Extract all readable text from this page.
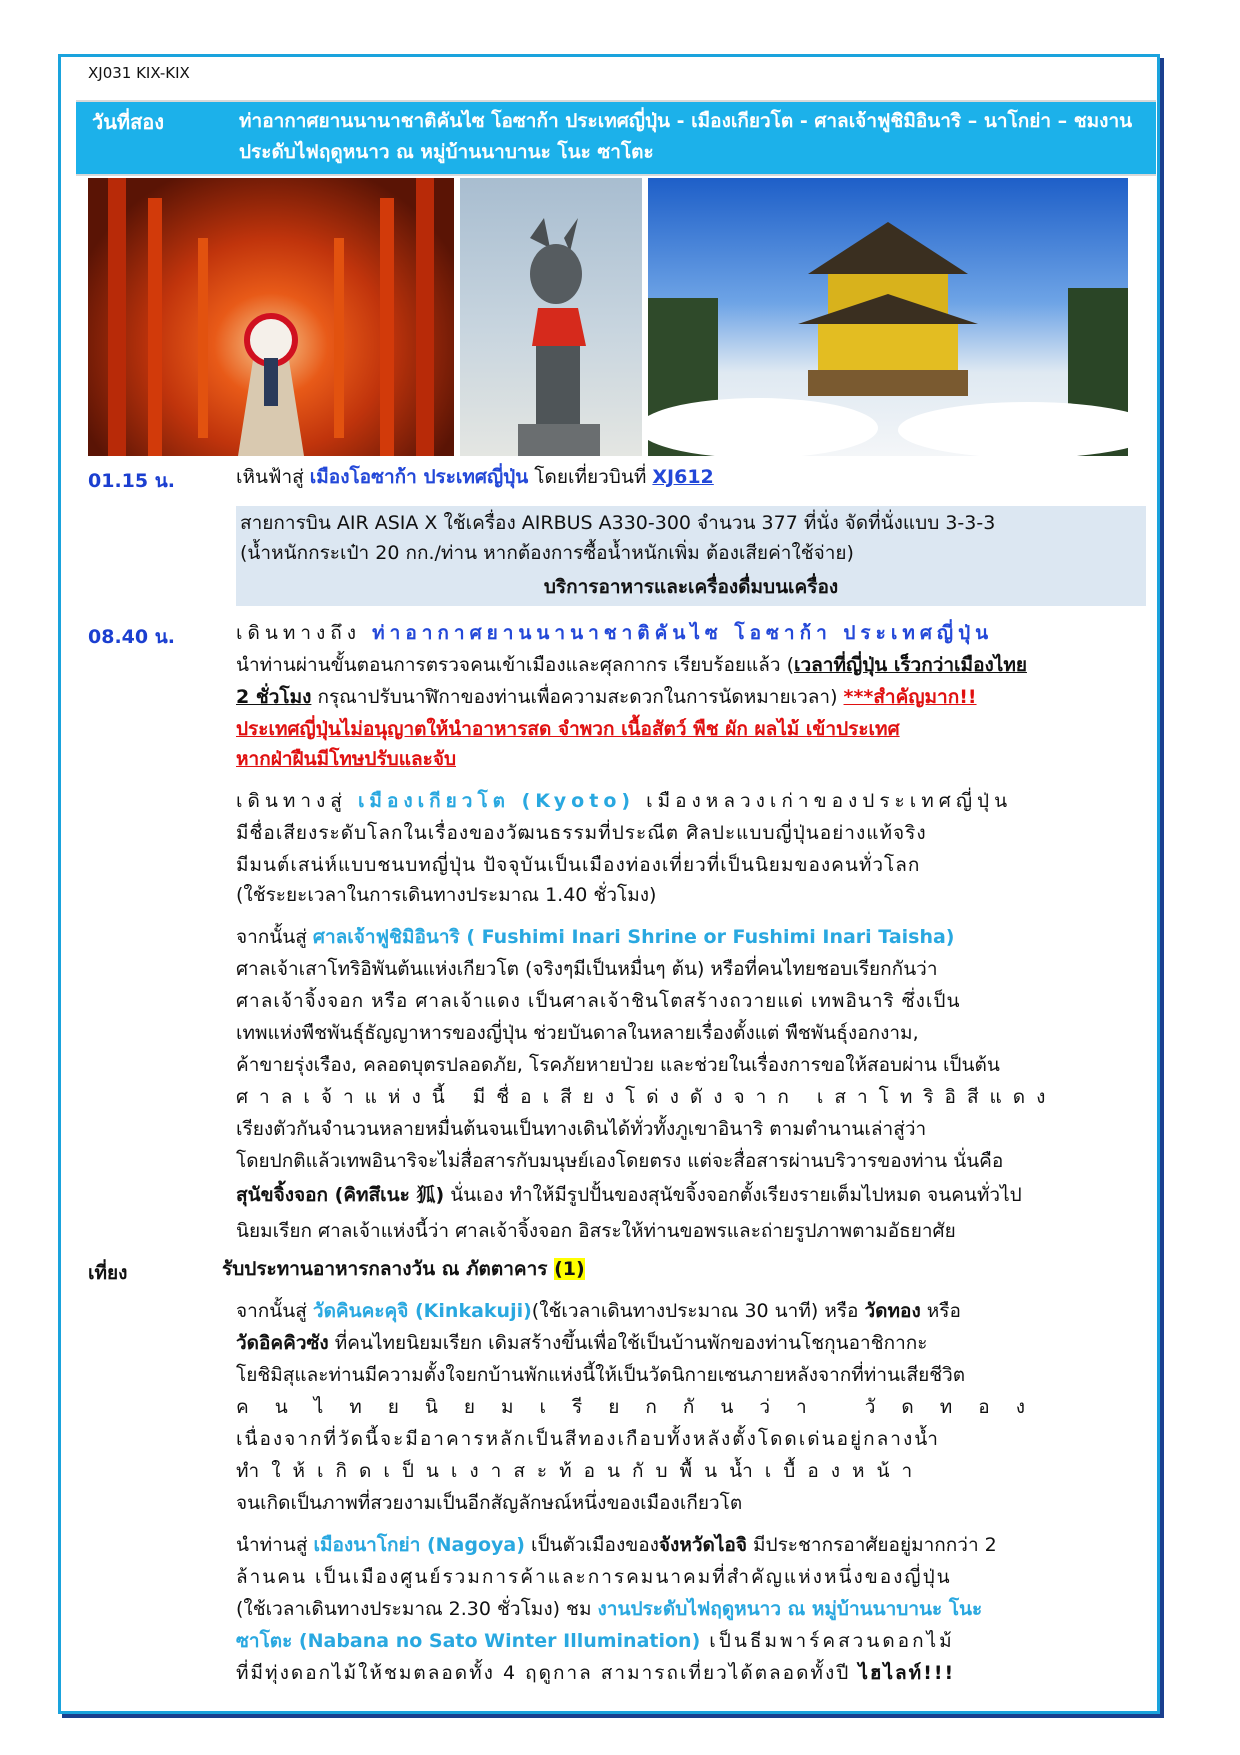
XJ031 KIX-KIX
วันที่สอง	ท่าอากาศยานนานาชาติคันไซ โอซาก้า ประเทศญี่ปุ่น - เมืองเกียวโต - ศาลเจ้าฟูชิมิอินาริ – นาโกย่า – ชมงานประดับไฟฤดูหนาว ณ หมู่บ้านนาบานะ โนะ ซาโตะ
01.15 น.	เหินฟ้าสู่ เมืองโอซาก้า ประเทศญี่ปุ่น โดยเที่ยวบินที่ XJ612
สายการบิน AIR ASIA X ใช้เครื่อง AIRBUS A330-300 จำนวน 377 ที่นั่ง จัดที่นั่งแบบ 3-3-3
(น้ำหนักกระเป๋า 20 กก./ท่าน หากต้องการซื้อน้ำหนักเพิ่ม ต้องเสียค่าใช้จ่าย)
บริการอาหารและเครื่องดื่มบนเครื่อง
08.40 น.	เดินทางถึง ท่าอากาศยานนานาชาติคันไซ โอซาก้า ประเทศญี่ปุ่น
นำท่านผ่านขั้นตอนการตรวจคนเข้าเมืองและศุลกากร เรียบร้อยแล้ว (เวลาที่ญี่ปุ่น เร็วกว่าเมืองไทย
2 ชั่วโมง กรุณาปรับนาฬิกาของท่านเพื่อความสะดวกในการนัดหมายเวลา) ***สำคัญมาก!!
ประเทศญี่ปุ่นไม่อนุญาตให้นำอาหารสด จำพวก เนื้อสัตว์ พืช ผัก ผลไม้ เข้าประเทศ
หากฝ่าฝืนมีโทษปรับและจับ
เดินทางสู่ เมืองเกียวโต (Kyoto) เมืองหลวงเก่าของประเทศญี่ปุ่น
มีชื่อเสียงระดับโลกในเรื่องของวัฒนธรรมที่ประณีต ศิลปะแบบญี่ปุ่นอย่างแท้จริง
มีมนต์เสน่ห์แบบชนบทญี่ปุ่น ปัจจุบันเป็นเมืองท่องเที่ยวที่เป็นนิยมของคนทั่วโลก
(ใช้ระยะเวลาในการเดินทางประมาณ 1.40 ชั่วโมง)
จากนั้นสู่ ศาลเจ้าฟูชิมิอินาริ ( Fushimi Inari Shrine or Fushimi Inari Taisha)
ศาลเจ้าเสาโทริอิพันต้นแห่งเกียวโต (จริงๆมีเป็นหมื่นๆ ต้น) หรือที่คนไทยชอบเรียกกันว่า
ศาลเจ้าจิ้งจอก หรือ ศาลเจ้าแดง เป็นศาลเจ้าชินโตสร้างถวายแด่ เทพอินาริ ซึ่งเป็น
เทพแห่งพืชพันธุ์ธัญญาหารของญี่ปุ่น ช่วยบันดาลในหลายเรื่องตั้งแต่ พืชพันธุ์งอกงาม,
ค้าขายรุ่งเรือง, คลอดบุตรปลอดภัย, โรคภัยหายป่วย และช่วยในเรื่องการขอให้สอบผ่าน เป็นต้น
ศาลเจ้าแห่งนี้ มีชื่อเสียงโด่งดังจาก เสาโทริอิสีแดง
เรียงตัวกันจำนวนหลายหมื่นต้นจนเป็นทางเดินได้ทั่วทั้งภูเขาอินาริ ตามตำนานเล่าสู่ว่า
โดยปกติแล้วเทพอินาริจะไม่สื่อสารกับมนุษย์เองโดยตรง แต่จะสื่อสารผ่านบริวารของท่าน นั่นคือ
สุนัขจิ้งจอก (คิทสึเนะ 狐) นั่นเอง ทำให้มีรูปปั้นของสุนัขจิ้งจอกตั้งเรียงรายเต็มไปหมด จนคนทั่วไป
นิยมเรียก ศาลเจ้าแห่งนี้ว่า ศาลเจ้าจิ้งจอก อิสระให้ท่านขอพรและถ่ายรูปภาพตามอัธยาศัย
เที่ยง	รับประทานอาหารกลางวัน ณ ภัตตาคาร (1)
จากนั้นสู่ วัดคินคะคุจิ (Kinkakuji)(ใช้เวลาเดินทางประมาณ 30 นาที) หรือ วัดทอง หรือ
วัดอิคคิวซัง ที่คนไทยนิยมเรียก เดิมสร้างขึ้นเพื่อใช้เป็นบ้านพักของท่านโชกุนอาชิกากะ
โยชิมิสุและท่านมีความตั้งใจยกบ้านพักแห่งนี้ให้เป็นวัดนิกายเซนภายหลังจากที่ท่านเสียชีวิต
คนไทยนิยมเรียกกันว่า วัดทอง
เนื่องจากที่วัดนี้จะมีอาคารหลักเป็นสีทองเกือบทั้งหลังตั้งโดดเด่นอยู่กลางน้ำ
ทำให้เกิดเป็นเงาสะท้อนกับพื้นน้ำเบื้องหน้า
จนเกิดเป็นภาพที่สวยงามเป็นอีกสัญลักษณ์หนึ่งของเมืองเกียวโต
นำท่านสู่ เมืองนาโกย่า (Nagoya) เป็นตัวเมืองของจังหวัดไอจิ มีประชากรอาศัยอยู่มากกว่า 2
ล้านคน เป็นเมืองศูนย์รวมการค้าและการคมนาคมที่สำคัญแห่งหนึ่งของญี่ปุ่น
(ใช้เวลาเดินทางประมาณ 2.30 ชั่วโมง) ชม งานประดับไฟฤดูหนาว ณ หมู่บ้านนาบานะ โนะ
ซาโตะ (Nabana no Sato Winter Illumination) เป็นธีมพาร์คสวนดอกไม้
ที่มีทุ่งดอกไม้ให้ชมตลอดทั้ง 4 ฤดูกาล สามารถเที่ยวได้ตลอดทั้งปี ไฮไลท์!!!
